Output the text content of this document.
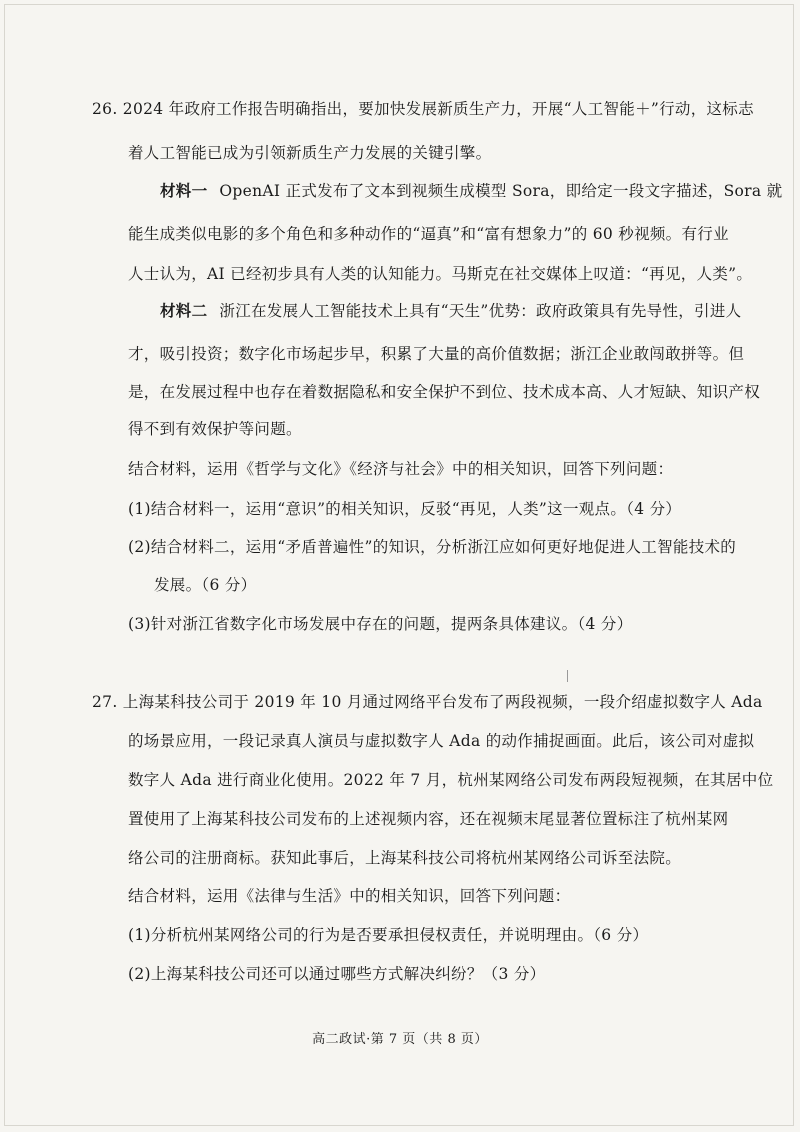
26. 2024 年政府工作报告明确指出，要加快发展新质生产力，开展“人工智能＋”行动，这标志
着人工智能已成为引领新质生产力发展的关键引擎。
材料一 OpenAI 正式发布了文本到视频生成模型 Sora，即给定一段文字描述，Sora 就
能生成类似电影的多个角色和多种动作的“逼真”和“富有想象力”的 60 秒视频。有行业
人士认为，AI 已经初步具有人类的认知能力。马斯克在社交媒体上叹道：“再见，人类”。
材料二 浙江在发展人工智能技术上具有“天生”优势：政府政策具有先导性，引进人
才，吸引投资；数字化市场起步早，积累了大量的高价值数据；浙江企业敢闯敢拼等。但
是，在发展过程中也存在着数据隐私和安全保护不到位、技术成本高、人才短缺、知识产权
得不到有效保护等问题。
结合材料，运用《哲学与文化》《经济与社会》中的相关知识，回答下列问题：
(1)结合材料一，运用“意识”的相关知识，反驳“再见，人类”这一观点。（4 分）
(2)结合材料二，运用“矛盾普遍性”的知识，分析浙江应如何更好地促进人工智能技术的
发展。（6 分）
(3)针对浙江省数字化市场发展中存在的问题，提两条具体建议。（4 分）
27. 上海某科技公司于 2019 年 10 月通过网络平台发布了两段视频，一段介绍虚拟数字人 Ada
的场景应用，一段记录真人演员与虚拟数字人 Ada 的动作捕捉画面。此后，该公司对虚拟
数字人 Ada 进行商业化使用。2022 年 7 月，杭州某网络公司发布两段短视频，在其居中位
置使用了上海某科技公司发布的上述视频内容，还在视频末尾显著位置标注了杭州某网
络公司的注册商标。获知此事后，上海某科技公司将杭州某网络公司诉至法院。
结合材料，运用《法律与生活》中的相关知识，回答下列问题：
(1)分析杭州某网络公司的行为是否要承担侵权责任，并说明理由。（6 分）
(2)上海某科技公司还可以通过哪些方式解决纠纷？（3 分）
高二政试·第 7 页（共 8 页）
